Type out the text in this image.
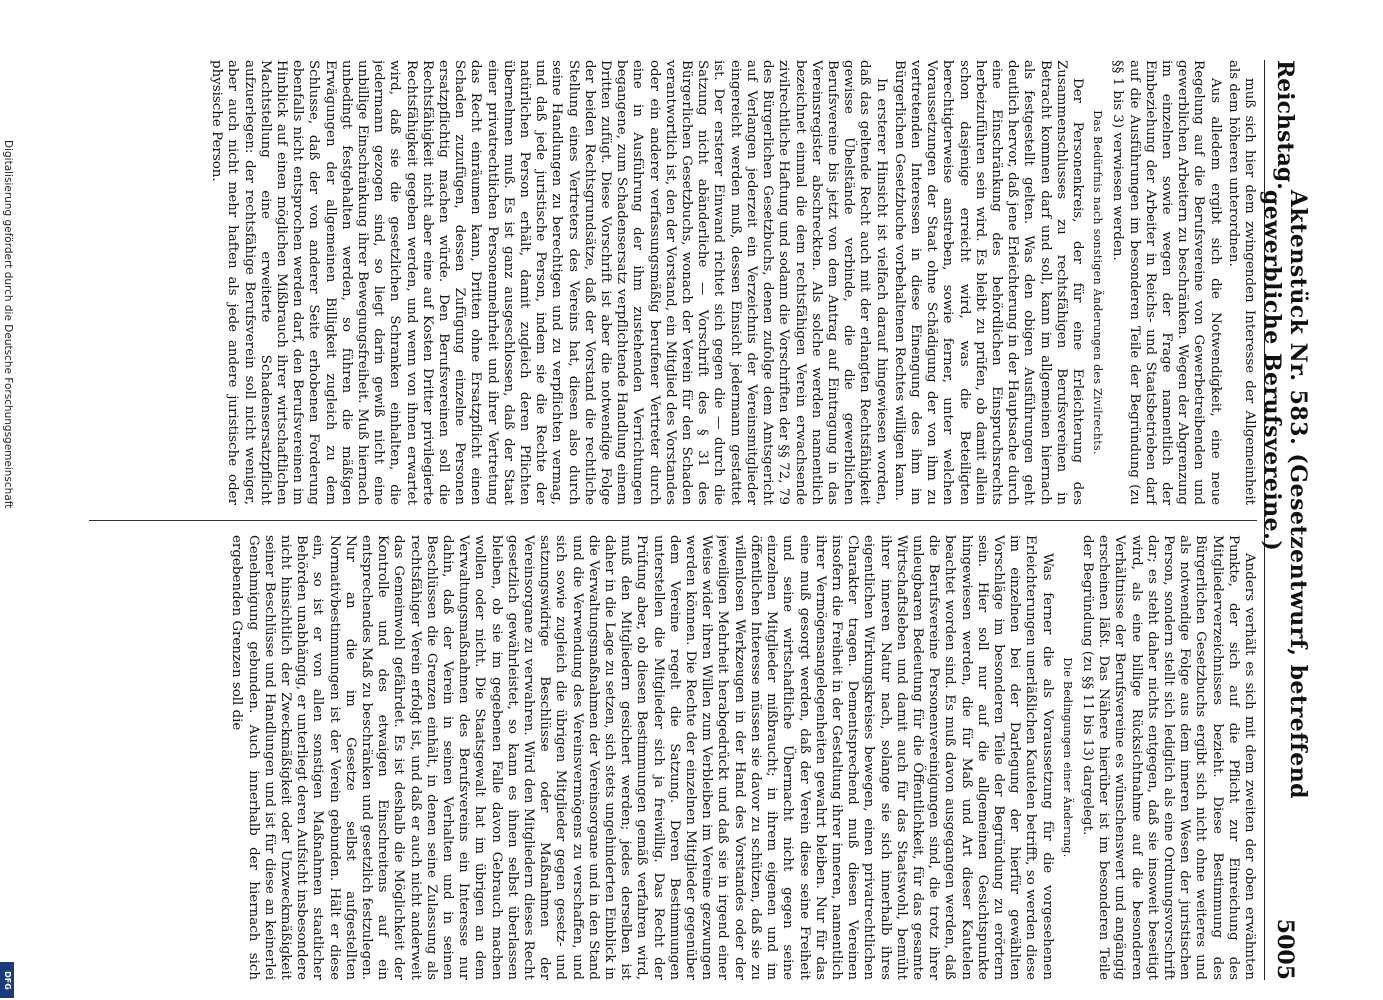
Digitalisierung gefördert durch die Deutsche Forschungsgemeinschaft
DFG
Reichstag.
Aktenstück Nr. 583. (Gesetzentwurf, betreffend gewerbliche Berufsvereine.)
5005

muß sich hier dem zwingenden Interesse der Allgemeinheit als dem höheren unterordnen.

Aus alledem ergibt sich die Notwendigkeit, eine neue Regelung auf die Berufsvereine von Gewerbetreibenden und gewerblichen Arbeitern zu beschränken. Wegen der Abgrenzung im einzelnen sowie wegen der Frage namentlich der Einbeziehung der Arbeiter in Reichs- und Staatsbetrieben darf auf die Ausführungen im besonderen Teile der Begründung (zu §§ 1 bis 3) verwiesen werden.

Das Bedürfnis nach sonstigen Änderungen des Zivilrechts.

Der Personenkreis, der für eine Erleichterung des Zusammenschlusses zu rechtsfähigen Berufsvereinen in Betracht kommen darf und soll, kann im allgemeinen hiernach als festgestellt gelten. Was den obigen Ausführungen geht deutlich hervor, daß jene Erleichterung in der Hauptsache durch eine Einschränkung des behördlichen Einspruchsrechts herbeizuführen sein wird. Es bleibt zu prüfen, ob damit allein schon dasjenige erreicht wird, was die Beteiligten berechtigterweise anstreben, sowie ferner, unter welchen Voraussetzungen der Staat ohne Schädigung der von ihm zu vertretenden Interessen in diese Einengung des ihm im Bürgerlichen Gesetzbuche vorbehaltenen Rechtes willigen kann.

In ersterer Hinsicht ist vielfach darauf hingewiesen worden, daß das geltende Recht auch mit der erlangten Rechtsfähigkeit gewisse Übelstände verbinde, die die gewerblichen Berufsvereine bis jetzt von dem Antrag auf Eintragung in das Vereinsregister abschreckten. Als solche werden namentlich bezeichnet einmal die dem rechtsfähigen Verein erwachsende zivilrechtliche Haftung und sodann die Vorschriften der §§ 72, 79 des Bürgerlichen Gesetzbuchs, denen zufolge dem Amtsgericht auf Verlangen jederzeit ein Verzeichnis der Vereinsmitglieder eingereicht werden muß, dessen Einsicht jedermann gestattet ist. Der ersterer Einwand richtet sich gegen die — durch die Satzung nicht abänderliche — Vorschrift des § 31 des Bürgerlichen Gesetzbuchs, wonach der Verein für den Schaden verantwortlich ist, den der Vorstand, ein Mitglied des Vorstandes oder ein anderer verfassungsmäßig berufener Vertreter durch eine in Ausführung der ihm zustehenden Verrichtungen begangene, zum Schadensersatz verpflichtende Handlung einem Dritten zufügt. Diese Vorschrift ist aber die notwendige Folge der beiden Rechtsgrundsätze, daß der Vorstand die rechtliche Stellung eines Vertreters des Vereins hat, diesen also durch seine Handlungen zu berechtigen und zu verpflichten vermag, und daß jede juristische Person, indem sie die Rechte der natürlichen Person erhält, damit zugleich deren Pflichten übernehmen muß. Es ist ganz ausgeschlossen, daß der Staat einer privatrechtlichen Personenmehrheit und ihrer Vertretung das Recht einräumen kann, Dritten ohne Ersatzpflicht einen Schaden zuzufügen, dessen Zufügung einzelne Personen ersatzpflichtig machen würde. Den Berufsvereinen soll die Rechtsfähigkeit nicht aber eine auf Kosten Dritter privilegierte Rechtsfähigkeit gegeben werden, und wenn von ihnen erwartet wird, daß sie die gesetzlichen Schranken einhalten, die jedermann gezogen sind, so liegt darin gewiß nicht eine unbillige Einschränkung ihrer Bewegungsfreiheit. Muß hiernach unbedingt festgehalten werden, so führen die mäßigen Erwägungen der allgemeinen Billigkeit zugleich zu dem Schlusse, daß der von anderer Seite erhobenen Forderung ebenfalls nicht entsprochen werden darf, den Berufsvereinen im Hinblick auf einen möglichen Mißbrauch ihrer wirtschaftlichen Machtstellung eine erweiterte Schadensersatzpflicht aufzuerlegen: der rechtsfähige Berufsverein soll nicht weniger, aber auch nicht mehr haften als jede andere juristische oder physische Person.

Anders verhält es sich mit dem zweiten der oben erwähnten Punkte, der sich auf die Pflicht zur Einreichung des Mitgliederverzeichnisses bezieht. Diese Bestimmung des Bürgerlichen Gesetzbuchs ergibt sich nicht ohne weiteres und als notwendige Folge aus dem inneren Wesen der juristischen Person, sondern stellt sich lediglich als eine Ordnungsvorschrift dar; es steht daher nichts entgegen, daß sie insoweit beseitigt wird, als eine billige Rücksichtnahme auf die besonderen Verhältnisse der Berufsvereine es wünschenswert und angängig erscheinen läßt. Das Nähere hierüber ist im besonderen Teile der Begründung (zu §§ 11 bis 13) dargelegt.

Die Bedingungen einer Änderung.

Was ferner die als Voraussetzung für die vorgesehenen Erleichterungen unerläßlichen Kautelen betrifft, so werden diese im einzelnen bei der Darlegung der hierfür gewählten Vorschläge im besonderen Teile der Begründung zu erörtern sein. Hier soll nur auf die allgemeinen Gesichtspunkte hingewiesen werden, die für Maß und Art dieser Kautelen beachtet worden sind. Es muß davon ausgegangen werden, daß die Berufsvereine Personenvereinigungen sind, die trotz ihrer unleugbaren Bedeutung für die Öffentlichkeit, für das gesamte Wirtschaftsleben und damit auch für das Staatswohl, bemüht ihrer inneren Natur nach, solange sie sich innerhalb ihres eigentlichen Wirkungskreises bewegen, einen privatrechtlichen Charakter tragen. Dementsprechend muß diesen Vereinen insofern die Freiheit in der Gestaltung ihrer inneren, namentlich ihrer Vermögensangelegenheiten gewahrt bleiben. Nur für das eine muß gesorgt werden, daß der Verein diese seine Freiheit und seine wirtschaftliche Übermacht nicht gegen seine einzelnen Mitglieder mißbraucht; in ihrem eigenen und im öffentlichen Interesse müssen sie davor zu schützen, daß sie zu willenlosen Werkzeugen in der Hand des Vorstandes oder der jeweiligen Mehrheit herabgedrückt und daß sie in irgend einer Weise wider ihren Willen zum Verbleiben im Vereine gezwungen werden können. Die Rechte der einzelnen Mitglieder gegenüber dem Vereine regelt die Satzung. Deren Bestimmungen unterstellen die Mitglieder sich ja freiwillig. Das Recht der Prüfung aber, ob diesen Bestimmungen gemäß verfahren wird, muß den Mitgliedern gesichert werden; jedes derselben ist daher in die Lage zu setzen, sich stets ungehinderten Einblick in die Verwaltungsmaßnahmen der Vereinsorgane und in den Stand und die Verwendung des Vereinsvermögens zu verschaffen, und sich sowie zugleich die übrigen Mitglieder gegen gesetz- und satzungswidrige Beschlüsse oder Maßnahmen der Vereinsorgane zu verwahren. Wird den Mitgliedern dieses Recht gesetzlich gewährleistet, so kann es ihnen selbst überlassen bleiben, ob sie im gegebenen Falle davon Gebrauch machen wollen oder nicht. Die Staatsgewalt hat im übrigen an dem Verwaltungsmaßnahmen des Berufsvereins ein Interesse nur dahin, daß der Verein in seinen Verhalten und in seinen Beschlüssen die Grenzen einhält, in denen seine Zulassung als rechtsfähiger Verein erfolgt ist, und daß er auch nicht anderweit das Gemeinwohl gefährdet. Es ist deshalb die Möglichkeit der Kontrolle und des etwaigen Einschreitens auf ein entsprechendes Maß zu beschränken und gesetzlich festzulegen. Nur an die im Gesetze selbst aufgestellten Normativbestimmungen ist der Verein gebunden. Hält er diese ein, so ist er von allen sonstigen Maßnahmen staatlicher Behörden unabhängig, er unterliegt deren Aufsicht insbesondere nicht hinsichtlich der Zweckmäßigkeit oder Unzweckmäßigkeit seiner Beschlüsse und Handlungen und ist für diese an keinerlei Genehmigung gebunden. Auch innerhalb der hiernach sich ergebenden Grenzen soll die
